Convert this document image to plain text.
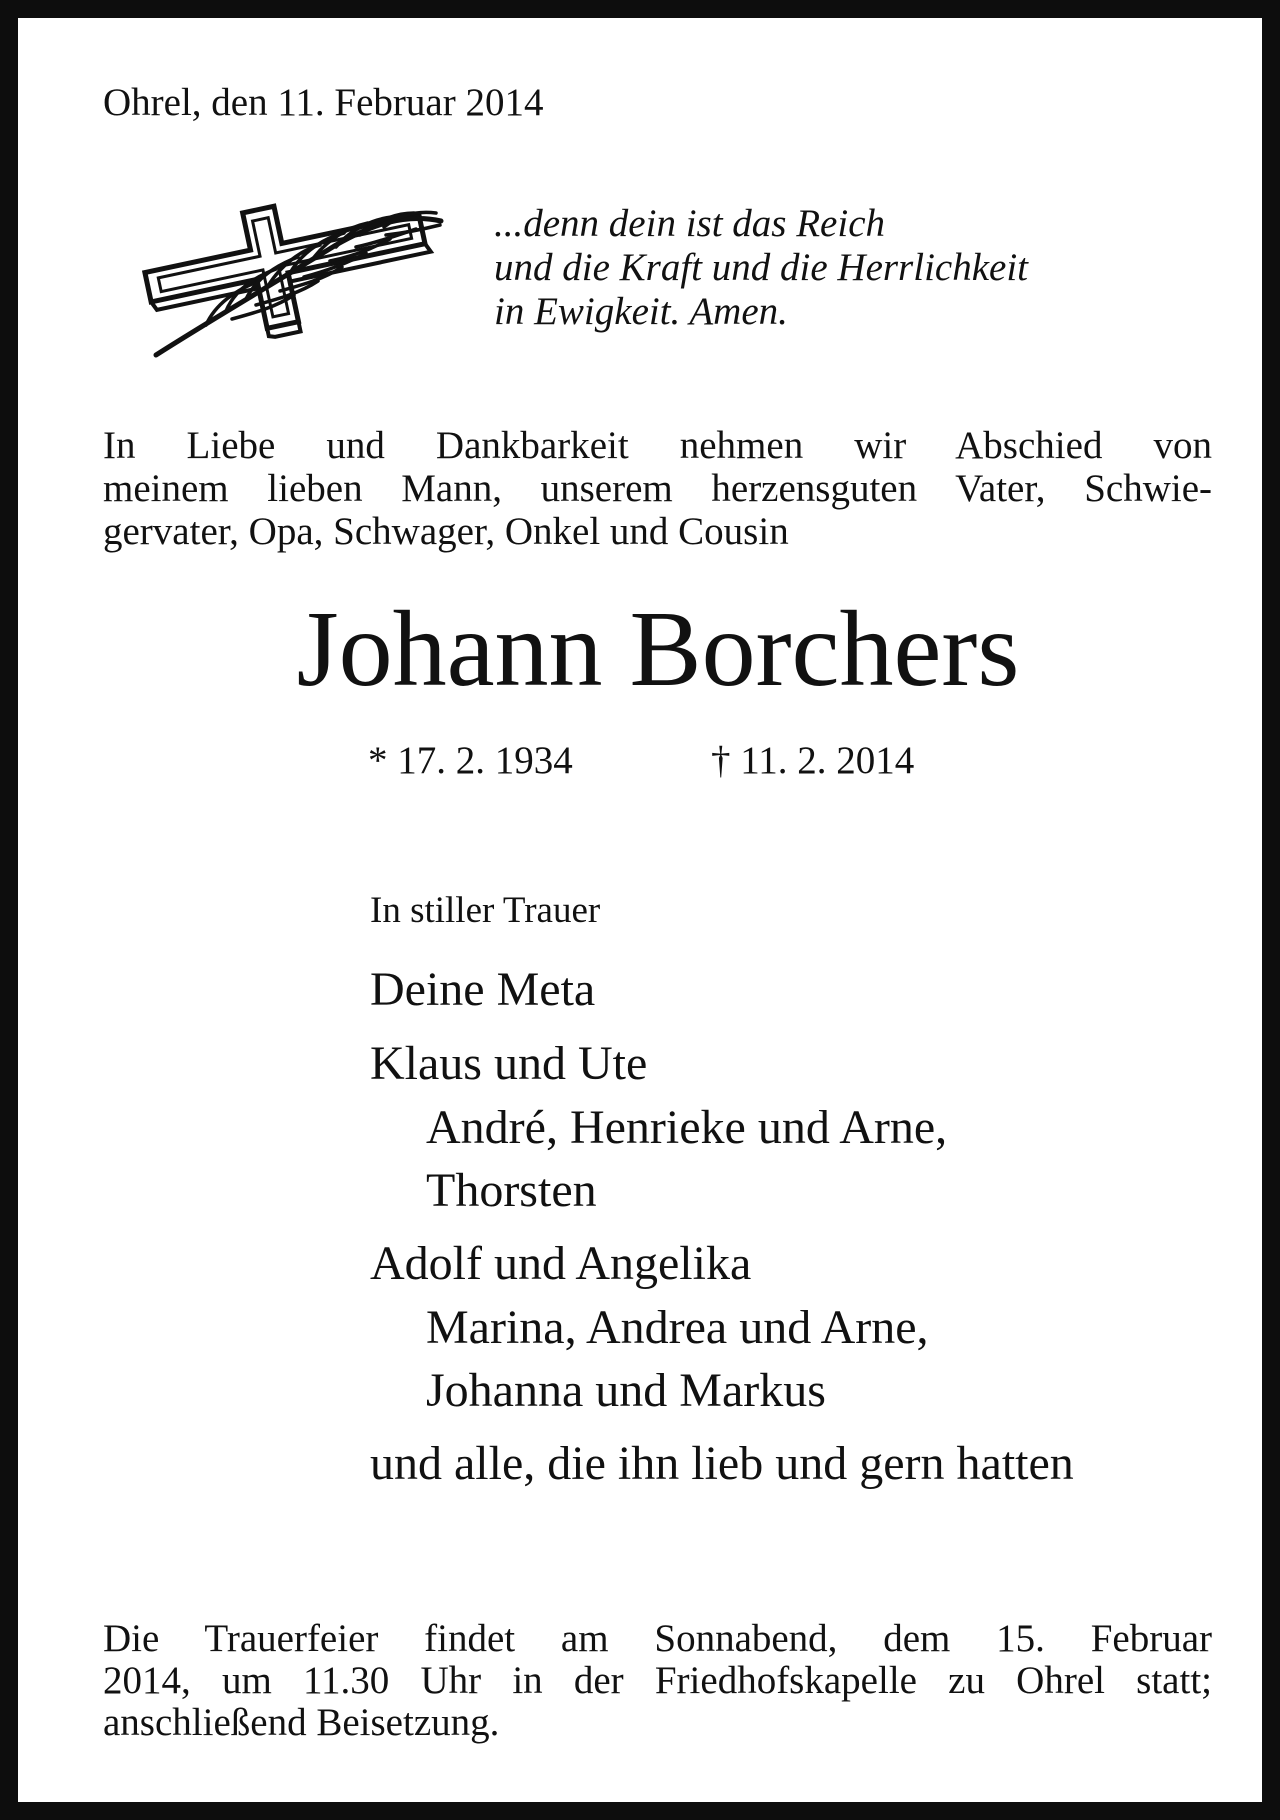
Ohrel, den 11. Februar 2014
...denn dein ist das Reich
und die Kraft und die Herrlichkeit
in Ewigkeit. Amen.
In Liebe und Dankbarkeit nehmen wir Abschied von
meinem lieben Mann, unserem herzensguten Vater, Schwie-
gervater, Opa, Schwager, Onkel und Cousin
Johann Borchers
* 17. 2. 1934	† 11. 2. 2014
In stiller Trauer
Deine Meta
Klaus und Ute
André, Henrieke und Arne,
Thorsten
Adolf und Angelika
Marina, Andrea und Arne,
Johanna und Markus
und alle, die ihn lieb und gern hatten
Die Trauerfeier findet am Sonnabend, dem 15. Februar
2014, um 11.30 Uhr in der Friedhofskapelle zu Ohrel statt;
anschließend Beisetzung.
